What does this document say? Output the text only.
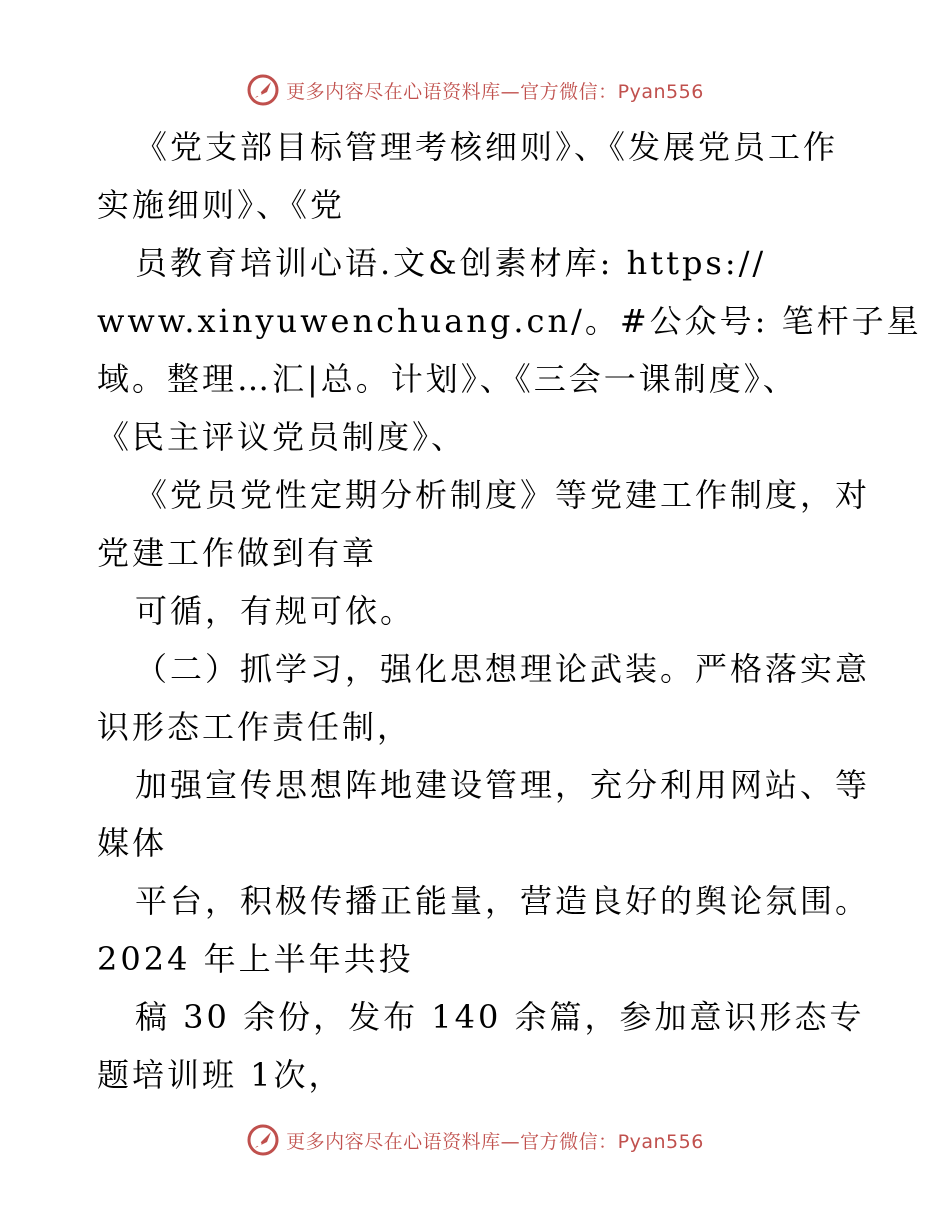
更多内容尽在心语资料库—官方微信：Pyan556
《党支部目标管理考核细则》、《发展党员工作
实施细则》、《党
员教育培训心语.文&创素材库: https://
www.xinyuwenchuang.cn/。#公众号: 笔杆子星
域。整理…汇|总。计划》、《三会一课制度》、
《民主评议党员制度》、
《党员党性定期分析制度》等党建工作制度，对
党建工作做到有章
可循，有规可依。
（二）抓学习，强化思想理论武装。严格落实意
识形态工作责任制，
加强宣传思想阵地建设管理，充分利用网站、等
媒体
平台，积极传播正能量，营造良好的舆论氛围。
2024 年上半年共投
稿 30 余份，发布 140 余篇，参加意识形态专
题培训班 1次，
更多内容尽在心语资料库—官方微信：Pyan556
